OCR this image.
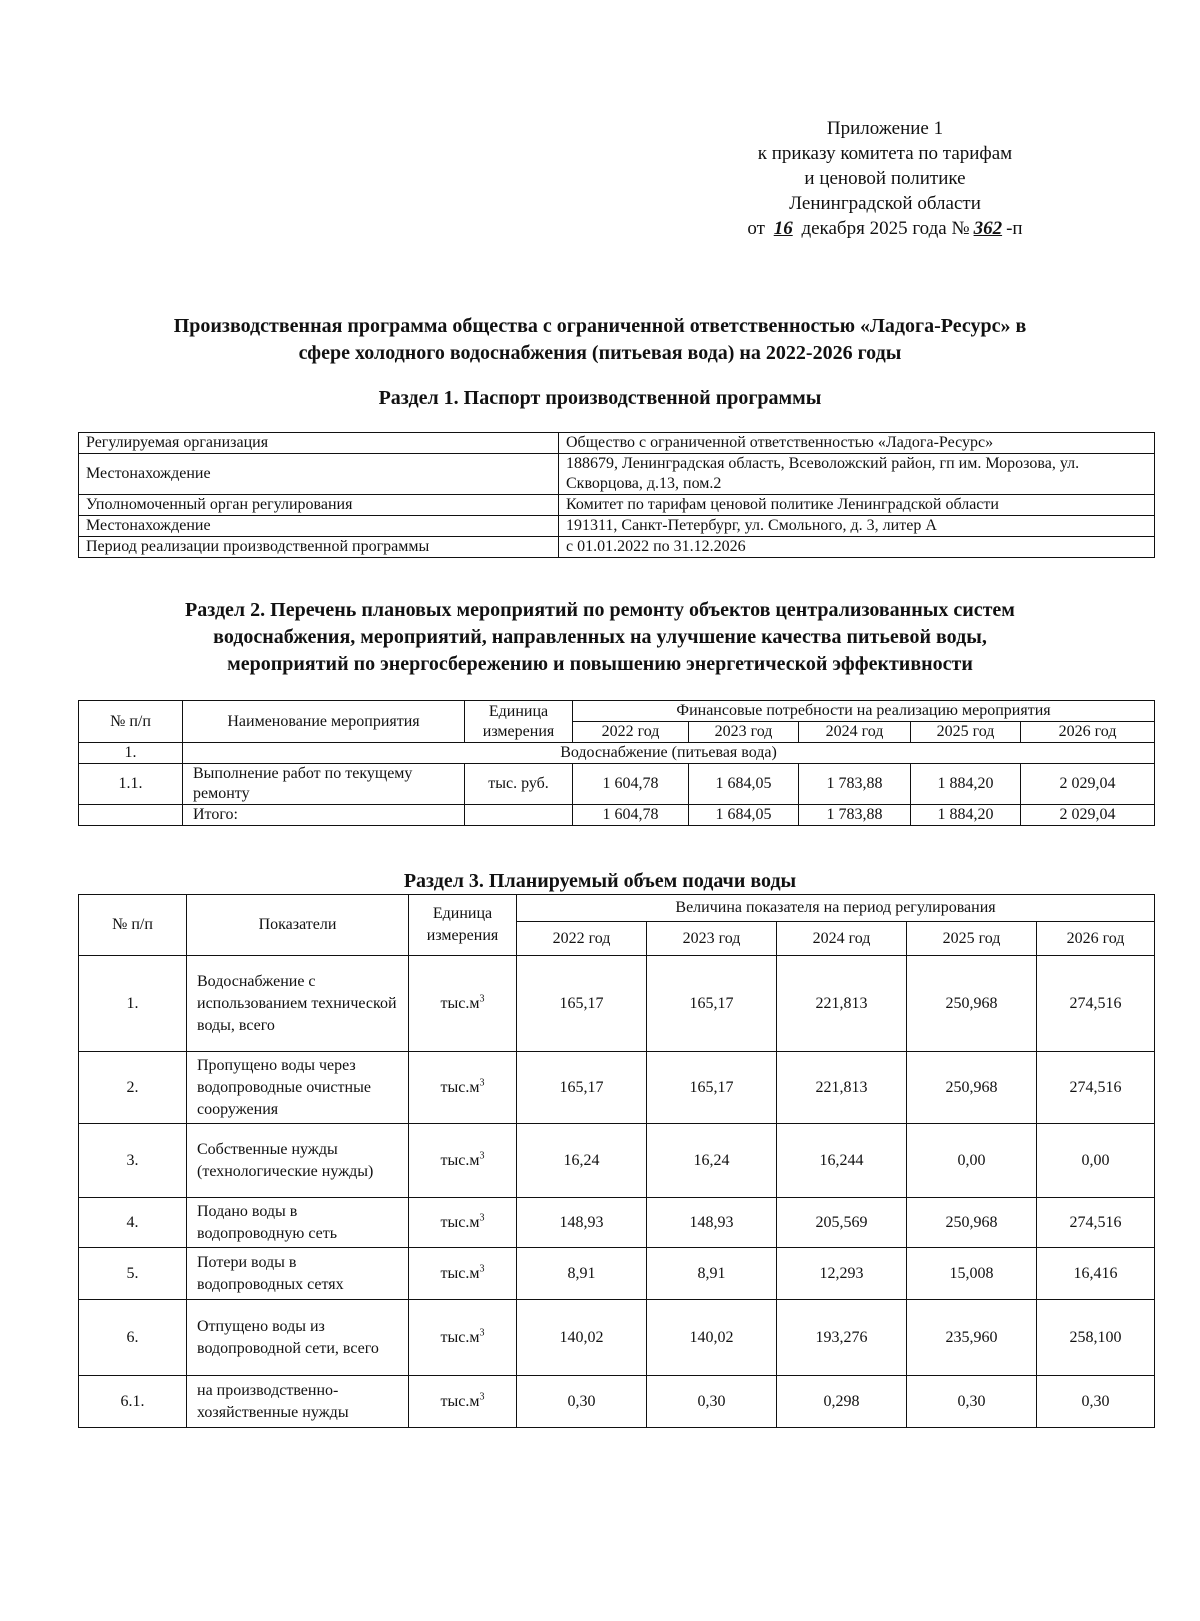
Приложение 1
к приказу комитета по тарифам
и ценовой политике
Ленинградской области
от 16 декабря 2025 года № 362 -п
Производственная программа общества с ограниченной ответственностью «Ладога-Ресурс» в
сфере холодного водоснабжения (питьевая вода) на 2022-2026 годы
Раздел 1. Паспорт производственной программы
Регулируемая организация	Общество с ограниченной ответственностью «Ладога-Ресурс»
Местонахождение	188679, Ленинградская область, Всеволожский район, гп им. Морозова, ул. Скворцова, д.13, пом.2
Уполномоченный орган регулирования	Комитет по тарифам ценовой политике Ленинградской области
Местонахождение	191311, Санкт-Петербург, ул. Смольного, д. 3, литер А
Период реализации производственной программы	с 01.01.2022 по 31.12.2026
Раздел 2. Перечень плановых мероприятий по ремонту объектов централизованных систем
водоснабжения, мероприятий, направленных на улучшение качества питьевой воды,
мероприятий по энергосбережению и повышению энергетической эффективности
№ п/п	Наименование мероприятия	Единица измерения	Финансовые потребности на реализацию мероприятия				
			2022 год	2023 год	2024 год	2025 год	2026 год
1.	Водоснабжение (питьевая вода)						
1.1.	Выполнение работ по текущему ремонту	тыс. руб.	1 604,78	1 684,05	1 783,88	1 884,20	2 029,04
	Итого:		1 604,78	1 684,05	1 783,88	1 884,20	2 029,04
Раздел 3. Планируемый объем подачи воды
№ п/п	Показатели	Единица измерения	Величина показателя на период регулирования				
			2022 год	2023 год	2024 год	2025 год	2026 год
1.	Водоснабжение с использованием технической воды, всего	$тыс.м^3$	165,17	165,17	221,813	250,968	274,516
2.	Пропущено воды через водопроводные очистные сооружения	$тыс.м^3$	165,17	165,17	221,813	250,968	274,516
3.	Собственные нужды (технологические нужды)	$тыс.м^3$	16,24	16,24	16,244	0,00	0,00
4.	Подано воды в водопроводную сеть	$тыс.м^3$	148,93	148,93	205,569	250,968	274,516
5.	Потери воды в водопроводных сетях	$тыс.м^3$	8,91	8,91	12,293	15,008	16,416
6.	Отпущено воды из водопроводной сети, всего	$тыс.м^3$	140,02	140,02	193,276	235,960	258,100
6.1.	на производственно-хозяйственные нужды	$тыс.м^3$	0,30	0,30	0,298	0,30	0,30
